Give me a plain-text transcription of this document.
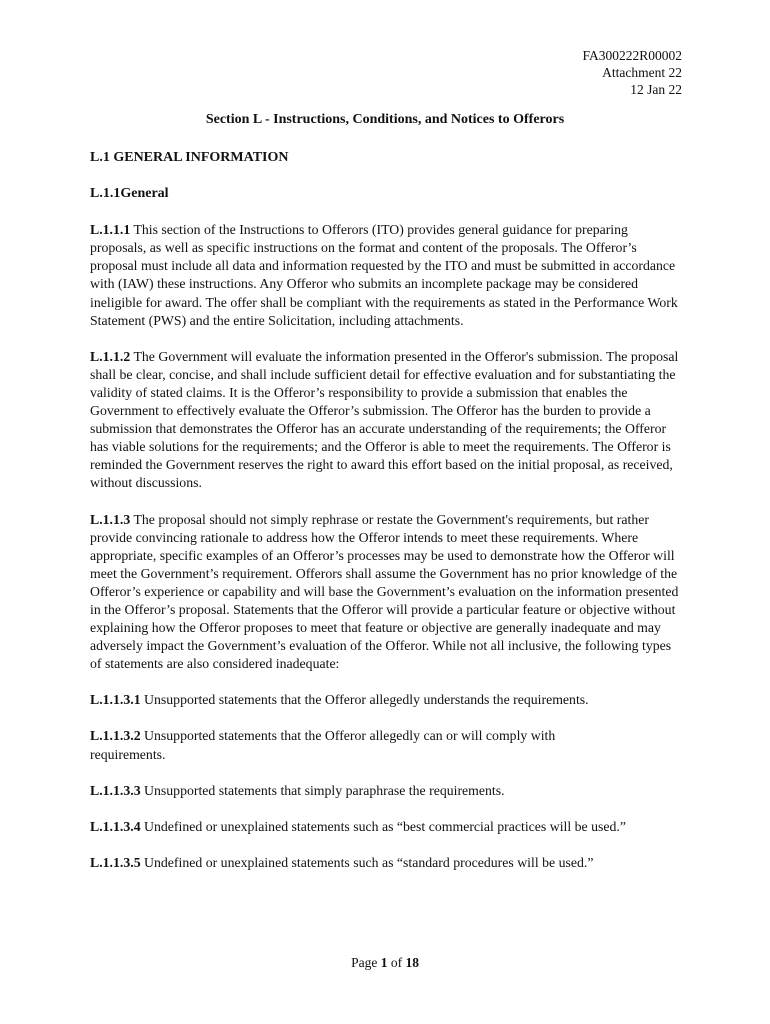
FA300222R00002
Attachment 22
12 Jan 22
Section L - Instructions, Conditions, and Notices to Offerors
L.1 GENERAL INFORMATION
L.1.1General

L.1.1.1 This section of the Instructions to Offerors (ITO) provides general guidance for preparing proposals, as well as specific instructions on the format and content of the proposals. The Offeror’s proposal must include all data and information requested by the ITO and must be submitted in accordance with (IAW) these instructions. Any Offeror who submits an incomplete package may be considered ineligible for award. The offer shall be compliant with the requirements as stated in the Performance Work Statement (PWS) and the entire Solicitation, including attachments.

L.1.1.2 The Government will evaluate the information presented in the Offeror's submission. The proposal shall be clear, concise, and shall include sufficient detail for effective evaluation and for substantiating the validity of stated claims. It is the Offeror’s responsibility to provide a submission that enables the Government to effectively evaluate the Offeror’s submission. The Offeror has the burden to provide a submission that demonstrates the Offeror has an accurate understanding of the requirements; the Offeror has viable solutions for the requirements; and the Offeror is able to meet the requirements. The Offeror is reminded the Government reserves the right to award this effort based on the initial proposal, as received, without discussions.

L.1.1.3 The proposal should not simply rephrase or restate the Government's requirements, but rather provide convincing rationale to address how the Offeror intends to meet these requirements. Where appropriate, specific examples of an Offeror’s processes may be used to demonstrate how the Offeror will meet the Government’s requirement. Offerors shall assume the Government has no prior knowledge of the Offeror’s experience or capability and will base the Government’s evaluation on the information presented in the Offeror’s proposal. Statements that the Offeror will provide a particular feature or objective without explaining how the Offeror proposes to meet that feature or objective are generally inadequate and may adversely impact the Government’s evaluation of the Offeror. While not all inclusive, the following types of statements are also considered inadequate:

L.1.1.3.1 Unsupported statements that the Offeror allegedly understands the requirements.

L.1.1.3.2 Unsupported statements that the Offeror allegedly can or will comply with requirements.

L.1.1.3.3 Unsupported statements that simply paraphrase the requirements.

L.1.1.3.4 Undefined or unexplained statements such as “best commercial practices will be used.”

L.1.1.3.5 Undefined or unexplained statements such as “standard procedures will be used.”

Page 1 of 18
